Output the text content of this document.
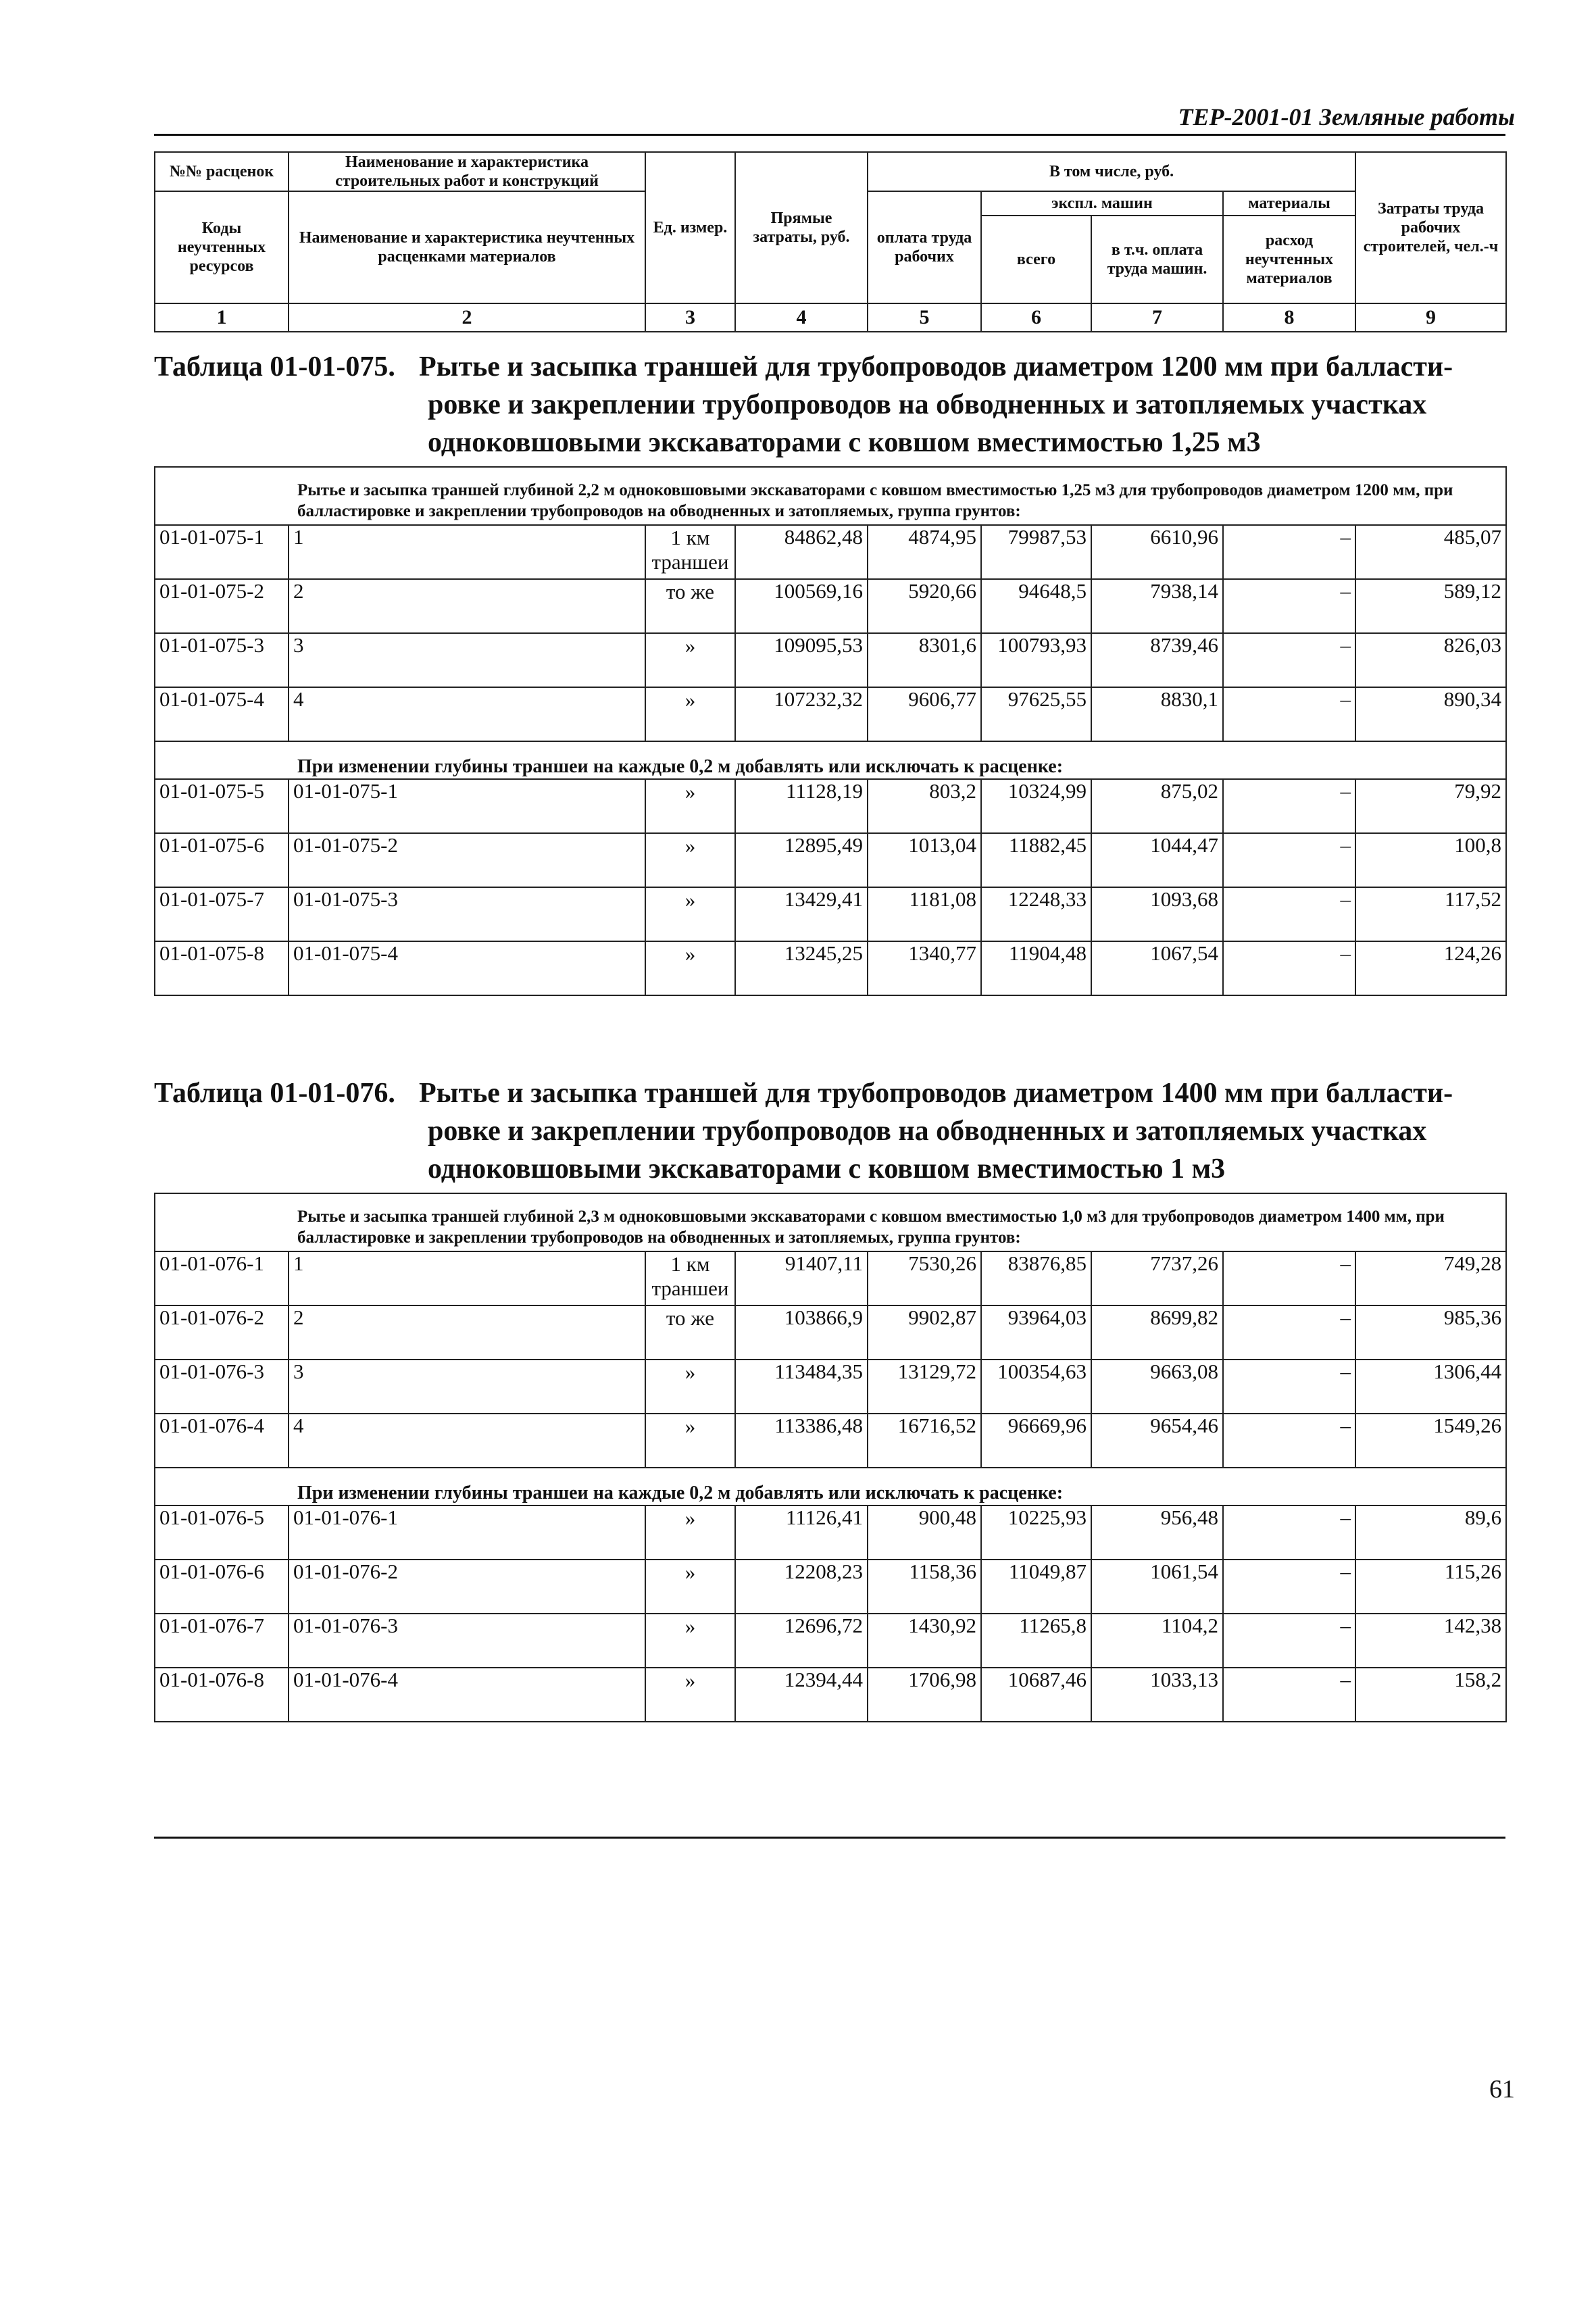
ТЕР-2001-01 Земляные работы
№№ расценок	Наименование и характеристика строительных работ и конструкций	Ед. измер.	Прямые затраты, руб.	В том числе, руб.				Затраты труда рабочих строителей, чел.-ч
Коды неучтенных ресурсов	Наименование и характеристика неучтенных расценками материалов			оплата труда рабочих	экспл. машин		материалы	
					всего	в т.ч. оплата труда машин.	расход неучтенных материалов	

1	2	3	4	5	6	7	8	9
Таблица 01-01-075. Рытье и засыпка траншей для трубопроводов диаметром 1200 мм при балласти-
ровке и закреплении трубопроводов на обводненных и затопляемых участках
одноковшовыми экскаваторами с ковшом вместимостью 1,25 м3
Рытье и засыпка траншей глубиной 2,2 м одноковшовыми экскаваторами с ковшом вместимостью 1,25 м3 для трубопроводов диаметром 1200 мм, при балластировке и закреплении трубопроводов на обводненных и затопляемых, группа грунтов:								
01-01-075-1	1	1 км траншеи	84862,48	4874,95	79987,53	6610,96	–	485,07
01-01-075-2	2	то же	100569,16	5920,66	94648,5	7938,14	–	589,12
01-01-075-3	3	»	109095,53	8301,6	100793,93	8739,46	–	826,03
01-01-075-4	4	»	107232,32	9606,77	97625,55	8830,1	–	890,34
При изменении глубины траншеи на каждые 0,2 м добавлять или исключать к расценке:								
01-01-075-5	01-01-075-1	»	11128,19	803,2	10324,99	875,02	–	79,92
01-01-075-6	01-01-075-2	»	12895,49	1013,04	11882,45	1044,47	–	100,8
01-01-075-7	01-01-075-3	»	13429,41	1181,08	12248,33	1093,68	–	117,52
01-01-075-8	01-01-075-4	»	13245,25	1340,77	11904,48	1067,54	–	124,26
Таблица 01-01-076. Рытье и засыпка траншей для трубопроводов диаметром 1400 мм при балласти-
ровке и закреплении трубопроводов на обводненных и затопляемых участках
одноковшовыми экскаваторами с ковшом вместимостью 1 м3
Рытье и засыпка траншей глубиной 2,3 м одноковшовыми экскаваторами с ковшом вместимостью 1,0 м3 для трубопроводов диаметром 1400 мм, при балластировке и закреплении трубопроводов на обводненных и затопляемых, группа грунтов:								
01-01-076-1	1	1 км траншеи	91407,11	7530,26	83876,85	7737,26	–	749,28
01-01-076-2	2	то же	103866,9	9902,87	93964,03	8699,82	–	985,36
01-01-076-3	3	»	113484,35	13129,72	100354,63	9663,08	–	1306,44
01-01-076-4	4	»	113386,48	16716,52	96669,96	9654,46	–	1549,26
При изменении глубины траншеи на каждые 0,2 м добавлять или исключать к расценке:								
01-01-076-5	01-01-076-1	»	11126,41	900,48	10225,93	956,48	–	89,6
01-01-076-6	01-01-076-2	»	12208,23	1158,36	11049,87	1061,54	–	115,26
01-01-076-7	01-01-076-3	»	12696,72	1430,92	11265,8	1104,2	–	142,38
01-01-076-8	01-01-076-4	»	12394,44	1706,98	10687,46	1033,13	–	158,2
61
